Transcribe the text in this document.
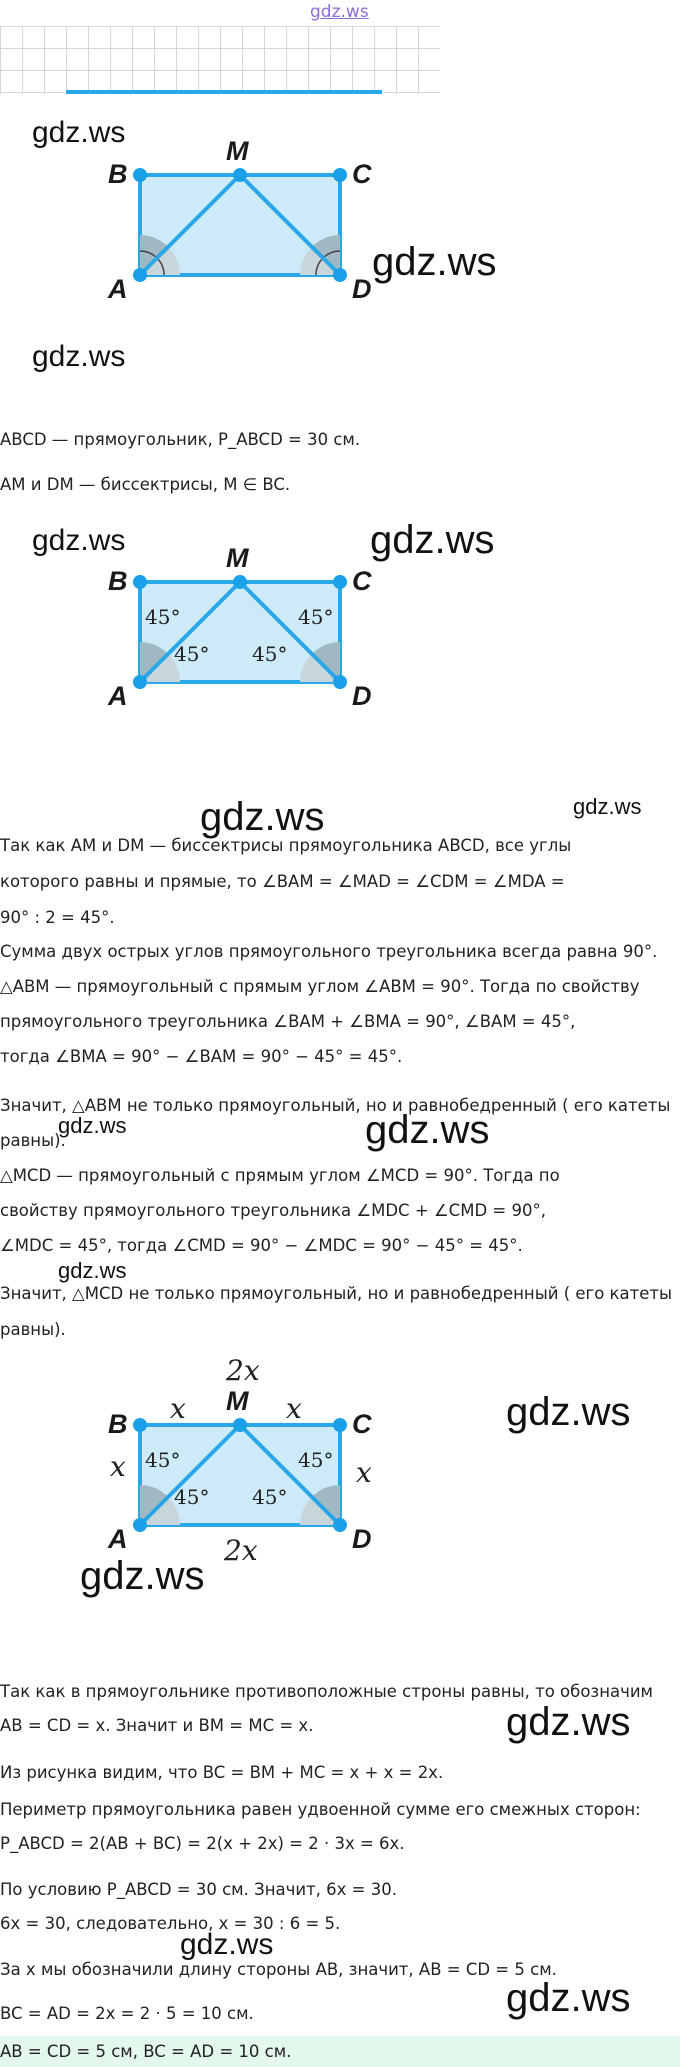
gdz.ws
gdz.ws
gdz.ws
gdz.ws
gdz.ws	gdz.ws
gdz.ws	gdz.ws
gdz.ws	gdz.ws
gdz.ws
gdz.ws
gdz.ws
gdz.ws
gdz.ws
gdz.ws
B
M
C
A	D
ABCD — прямоугольник, P_ABCD = 30 см.
AM и DM — биссектрисы, M ∈ BC.
45°
45° 45°
45°
B
M
C
A	D
Так как AM и DM — биссектрисы прямоугольника ABCD, все углы
которого равны и прямые, то ∠BAM = ∠MAD = ∠CDM = ∠MDA =
90° : 2 = 45°.
Сумма двух острых углов прямоугольного треугольника всегда равна 90°.
△ABM — прямоугольный с прямым углом ∠ABM = 90°. Тогда по свойству
прямоугольного треугольника ∠BAM + ∠BMA = 90°, ∠BAM = 45°,
тогда ∠BMA = 90° − ∠BAM = 90° − 45° = 45°.
Значит, △ABM не только прямоугольный, но и равнобедренный ( его катеты
равны).
△MCD — прямоугольный с прямым углом ∠MCD = 90°. Тогда по
свойству прямоугольного треугольника ∠MDC + ∠CMD = 90°,
∠MDC = 45°, тогда ∠CMD = 90° − ∠MDC = 90° − 45° = 45°.
Значит, △MCD не только прямоугольный, но и равнобедренный ( его катеты
равны).
45°
45° 45°
45°
2x
x	x
x	x
2x
B
M
C
A	D
Так как в прямоугольнике противоположные строны равны, то обозначим
AB = CD = x. Значит и BM = MC = x.
Из рисунка видим, что BC = BM + MC = x + x = 2x.
Периметр прямоугольника равен удвоенной сумме его смежных сторон:
P_ABCD = 2(AB + BC) = 2(x + 2x) = 2 · 3x = 6x.
По условию P_ABCD = 30 см. Значит, 6x = 30.
6x = 30, следовательно, x = 30 : 6 = 5.
За x мы обозначили длину стороны AB, значит, AB = CD = 5 см.
BC = AD = 2x = 2 · 5 = 10 см.
AB = CD = 5 см, BC = AD = 10 см.
